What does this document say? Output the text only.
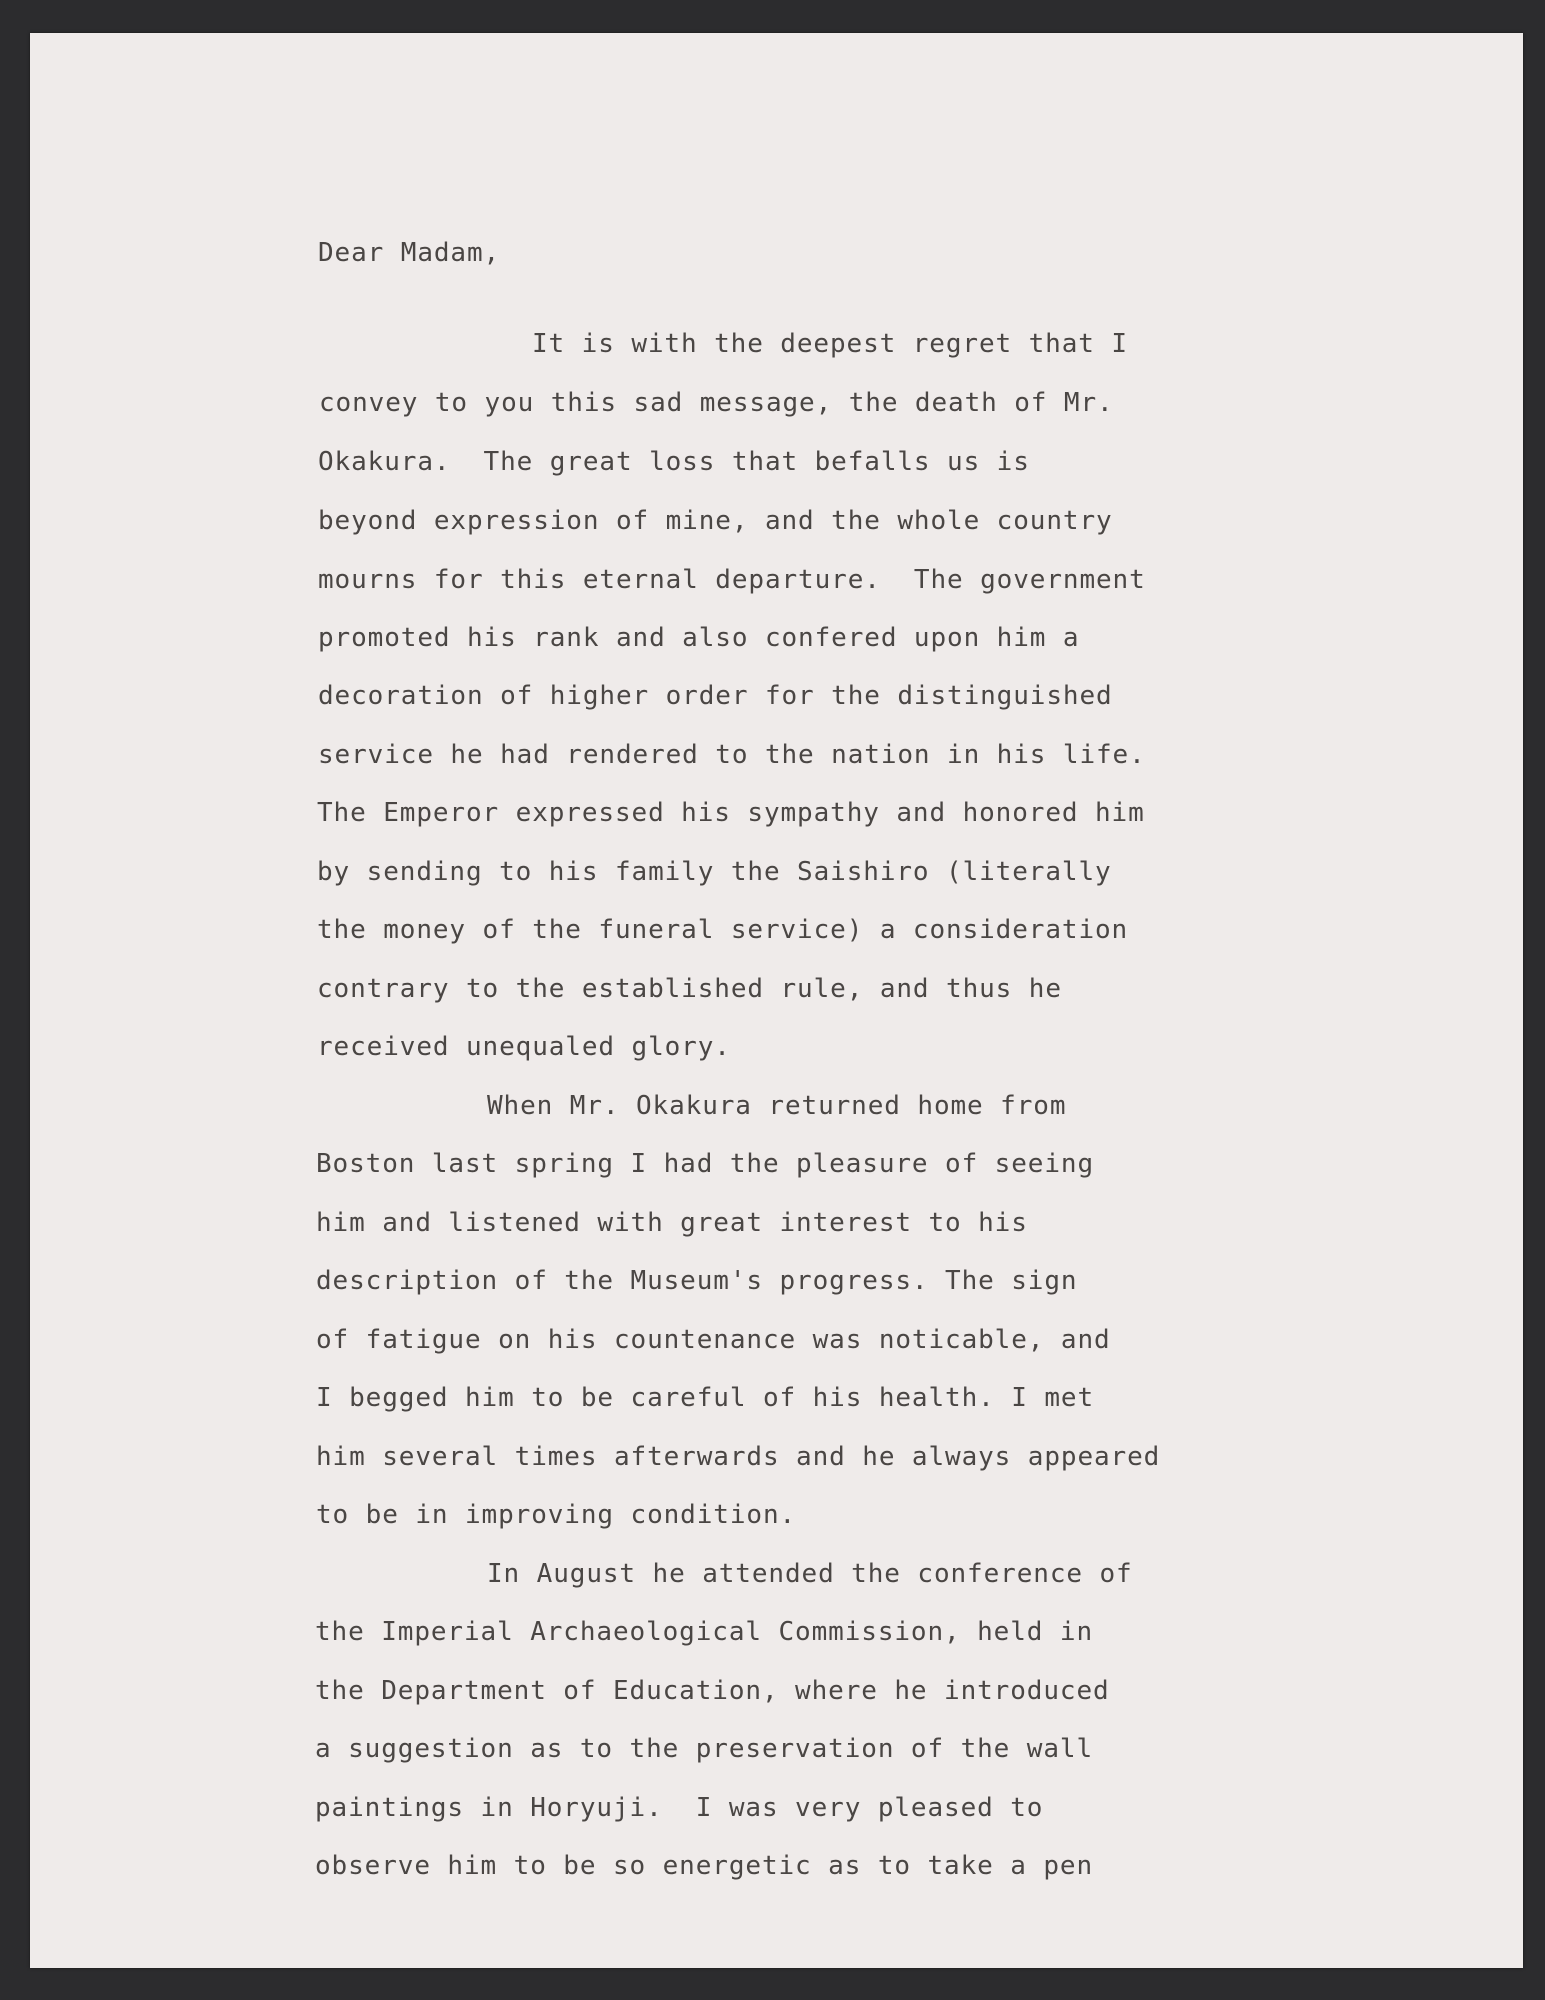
Dear Madam,
It is with the deepest regret that I
convey to you this sad message, the death of Mr.
Okakura.  The great loss that befalls us is
beyond expression of mine, and the whole country
mourns for this eternal departure.  The government
promoted his rank and also confered upon him a
decoration of higher order for the distinguished
service he had rendered to the nation in his life.
The Emperor expressed his sympathy and honored him
by sending to his family the Saishiro (literally
the money of the funeral service) a consideration
contrary to the established rule, and thus he
received unequaled glory.
When Mr. Okakura returned home from
Boston last spring I had the pleasure of seeing
him and listened with great interest to his
description of the Museum's progress. The sign
of fatigue on his countenance was noticable, and
I begged him to be careful of his health. I met
him several times afterwards and he always appeared
to be in improving condition.
In August he attended the conference of
the Imperial Archaeological Commission, held in
the Department of Education, where he introduced
a suggestion as to the preservation of the wall
paintings in Horyuji.  I was very pleased to
observe him to be so energetic as to take a pen
